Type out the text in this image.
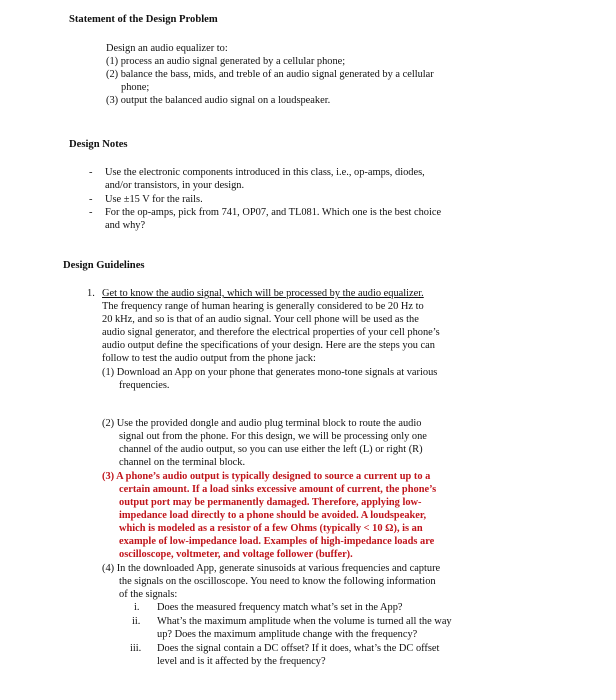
Statement of the Design Problem
Design an audio equalizer to:
(1) process an audio signal generated by a cellular phone;
(2) balance the bass, mids, and treble of an audio signal generated by a cellular
phone;
(3) output the balanced audio signal on a loudspeaker.
Design Notes
- Use the electronic components introduced in this class, i.e., op-amps, diodes,
and/or transistors, in your design.
- Use ±15 V for the rails.
- For the op-amps, pick from 741, OP07, and TL081. Which one is the best choice
and why?
Design Guidelines
1. Get to know the audio signal, which will be processed by the audio equalizer.
The frequency range of human hearing is generally considered to be 20 Hz to
20 kHz, and so is that of an audio signal. Your cell phone will be used as the
audio signal generator, and therefore the electrical properties of your cell phone’s
audio output define the specifications of your design. Here are the steps you can
follow to test the audio output from the phone jack:
(1) Download an App on your phone that generates mono-tone signals at various
frequencies.
(2) Use the provided dongle and audio plug terminal block to route the audio
signal out from the phone. For this design, we will be processing only one
channel of the audio output, so you can use either the left (L) or right (R)
channel on the terminal block.
(3) A phone’s audio output is typically designed to source a current up to a
certain amount. If a load sinks excessive amount of current, the phone’s
output port may be permanently damaged. Therefore, applying low-
impedance load directly to a phone should be avoided. A loudspeaker,
which is modeled as a resistor of a few Ohms (typically < 10 Ω), is an
example of low-impedance load. Examples of high-impedance loads are
oscilloscope, voltmeter, and voltage follower (buffer).
(4) In the downloaded App, generate sinusoids at various frequencies and capture
the signals on the oscilloscope. You need to know the following information
of the signals:
i. Does the measured frequency match what’s set in the App?
ii. What’s the maximum amplitude when the volume is turned all the way
up? Does the maximum amplitude change with the frequency?
iii. Does the signal contain a DC offset? If it does, what’s the DC offset
level and is it affected by the frequency?
